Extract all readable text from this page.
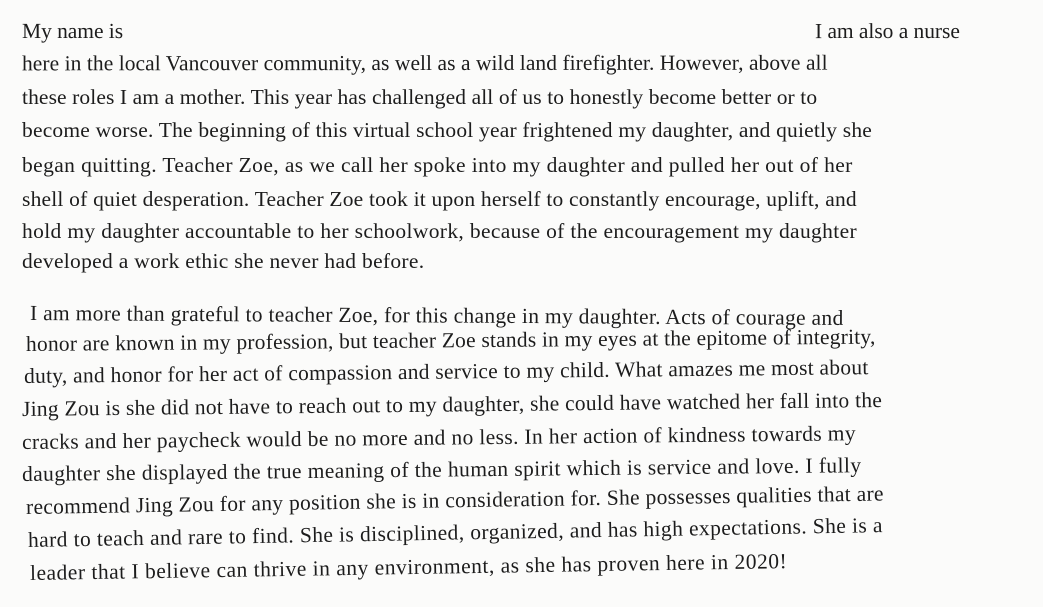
My name is	I am also a nurse
here in the local Vancouver community, as well as a wild land firefighter. However, above all
these roles I am a mother. This year has challenged all of us to honestly become better or to
become worse. The beginning of this virtual school year frightened my daughter, and quietly she
began quitting. Teacher Zoe, as we call her spoke into my daughter and pulled her out of her
shell of quiet desperation. Teacher Zoe took it upon herself to constantly encourage, uplift, and
hold my daughter accountable to her schoolwork, because of the encouragement my daughter
developed a work ethic she never had before.
I am more than grateful to teacher Zoe, for this change in my daughter. Acts of courage and
honor are known in my profession, but teacher Zoe stands in my eyes at the epitome of integrity,
duty, and honor for her act of compassion and service to my child. What amazes me most about
Jing Zou is she did not have to reach out to my daughter, she could have watched her fall into the
cracks and her paycheck would be no more and no less. In her action of kindness towards my
daughter she displayed the true meaning of the human spirit which is service and love. I fully
recommend Jing Zou for any position she is in consideration for. She possesses qualities that are
hard to teach and rare to find. She is disciplined, organized, and has high expectations. She is a
leader that I believe can thrive in any environment, as she has proven here in 2020!
